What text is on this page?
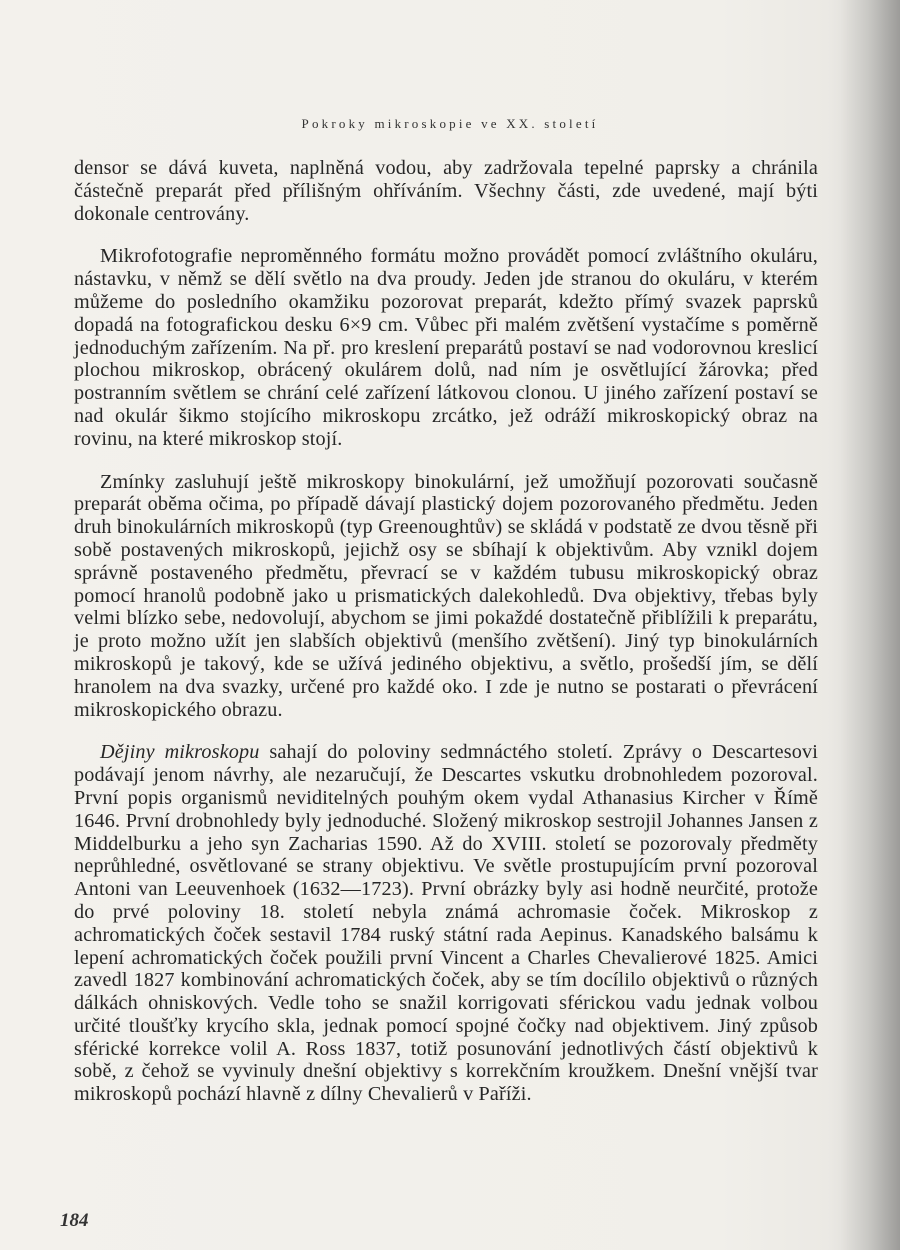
Pokroky mikroskopie ve XX. století

densor se dává kuveta, naplněná vodou, aby zadržovala tepelné paprsky a chránila částečně preparát před přílišným ohříváním. Všechny části, zde uvedené, mají býti dokonale centrovány.

Mikrofotografie neproměnného formátu možno provádět pomocí zvláštního okuláru, nástavku, v němž se dělí světlo na dva proudy. Jeden jde stranou do okuláru, v kterém můžeme do posledního okamžiku pozorovat preparát, kdežto přímý svazek paprsků dopadá na fotografickou desku 6×9 cm. Vůbec při malém zvětšení vystačíme s poměrně jednoduchým zařízením. Na př. pro kreslení preparátů postaví se nad vodorovnou kreslicí plochou mikroskop, obrácený okulárem dolů, nad ním je osvětlující žárovka; před postranním světlem se chrání celé zařízení látkovou clonou. U jiného zařízení postaví se nad okulár šikmo stojícího mikroskopu zrcátko, jež odráží mikroskopický obraz na rovinu, na které mikroskop stojí.

Zmínky zasluhují ještě mikroskopy binokulární, jež umožňují pozorovati současně preparát oběma očima, po případě dávají plastický dojem pozorovaného předmětu. Jeden druh binokulárních mikroskopů (typ Greenoughtův) se skládá v podstatě ze dvou těsně při sobě postavených mikroskopů, jejichž osy se sbíhají k objektivům. Aby vznikl dojem správně postaveného předmětu, převrací se v každém tubusu mikroskopický obraz pomocí hranolů podobně jako u prismatických dalekohledů. Dva objektivy, třebas byly velmi blízko sebe, nedovolují, abychom se jimi pokaždé dostatečně přiblížili k preparátu, je proto možno užít jen slabších objektivů (menšího zvětšení). Jiný typ binokulárních mikroskopů je takový, kde se užívá jediného objektivu, a světlo, prošedší jím, se dělí hranolem na dva svazky, určené pro každé oko. I zde je nutno se postarati o převrácení mikroskopického obrazu.

Dějiny mikroskopu sahají do poloviny sedmnáctého století. Zprávy o Descartesovi podávají jenom návrhy, ale nezaručují, že Descartes vskutku drobnohledem pozoroval. První popis organismů neviditelných pouhým okem vydal Athanasius Kircher v Římě 1646. První drobnohledy byly jednoduché. Složený mikroskop sestrojil Johannes Jansen z Middelburku a jeho syn Zacharias 1590. Až do XVIII. století se pozorovaly předměty neprůhledné, osvětlované se strany objektivu. Ve světle prostupujícím první pozoroval Antoni van Leeuvenhoek (1632—1723). První obrázky byly asi hodně neurčité, protože do prvé poloviny 18. století nebyla známá achromasie čoček. Mikroskop z achromatických čoček sestavil 1784 ruský státní rada Aepinus. Kanadského balsámu k lepení achromatických čoček použili první Vincent a Charles Chevalierové 1825. Amici zavedl 1827 kombinování achromatických čoček, aby se tím docílilo objektivů o různých dálkách ohniskových. Vedle toho se snažil korrigovati sférickou vadu jednak volbou určité tloušťky krycího skla, jednak pomocí spojné čočky nad objektivem. Jiný způsob sférické korrekce volil A. Ross 1837, totiž posunování jednotlivých částí objektivů k sobě, z čehož se vyvinuly dnešní objektivy s korrekčním kroužkem. Dnešní vnější tvar mikroskopů pochází hlavně z dílny Chevalierů v Paříži.

184
